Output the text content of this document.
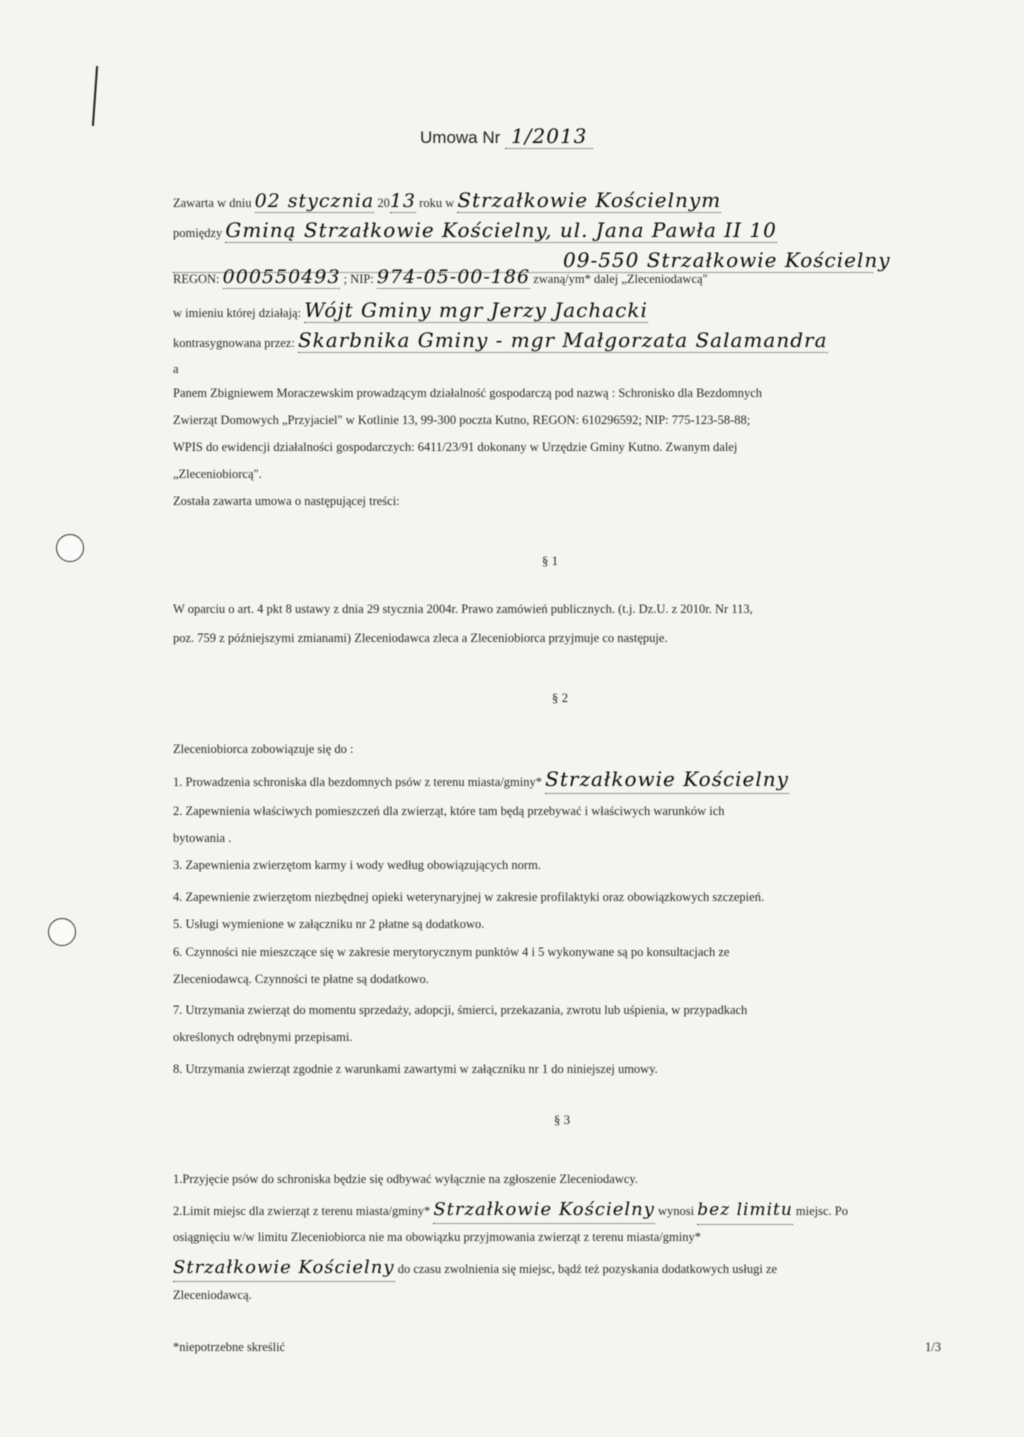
Umowa Nr 1/2013
Zawarta w dniu 02 stycznia 2013 roku w Strzałkowie Kościelnym
pomiędzy Gminą Strzałkowie Kościelny, ul. Jana Pawła II 10
09-550 Strzałkowie Kościelny
REGON: 000550493 ; NIP: 974-05-00-186 zwaną/ym* dalej „Zleceniodawcą"
w imieniu której działają: Wójt Gminy mgr Jerzy Jachacki
kontrasygnowana przez: Skarbnika Gminy - mgr Małgorzata Salamandra
a
Panem Zbigniewem Moraczewskim prowadzącym działalność gospodarczą pod nazwą : Schronisko dla Bezdomnych
Zwierząt Domowych „Przyjaciel" w Kotlinie 13, 99-300 poczta Kutno, REGON: 610296592; NIP: 775-123-58-88;
WPIS do ewidencji działalności gospodarczych: 6411/23/91 dokonany w Urzędzie Gminy Kutno. Zwanym dalej
„Zleceniobiorcą".
Została zawarta umowa o następującej treści:
§ 1
W oparciu o art. 4 pkt 8 ustawy z dnia 29 stycznia 2004r. Prawo zamówień publicznych. (t.j. Dz.U. z 2010r. Nr 113,
poz. 759 z późniejszymi zmianami) Zleceniodawca zleca a Zleceniobiorca przyjmuje co następuje.
§ 2
Zleceniobiorca zobowiązuje się do :
1. Prowadzenia schroniska dla bezdomnych psów z terenu miasta/gminy* Strzałkowie Kościelny
2. Zapewnienia właściwych pomieszczeń dla zwierząt, które tam będą przebywać i właściwych warunków ich
bytowania .
3. Zapewnienia zwierzętom karmy i wody według obowiązujących norm.
4. Zapewnienie zwierzętom niezbędnej opieki weterynaryjnej w zakresie profilaktyki oraz obowiązkowych szczepień.
5. Usługi wymienione w załączniku nr 2 płatne są dodatkowo.
6. Czynności nie mieszczące się w zakresie merytorycznym punktów 4 i 5 wykonywane są po konsultacjach ze
Zleceniodawcą. Czynności te płatne są dodatkowo.
7. Utrzymania zwierząt do momentu sprzedaży, adopcji, śmierci, przekazania, zwrotu lub uśpienia, w przypadkach
określonych odrębnymi przepisami.
8. Utrzymania zwierząt zgodnie z warunkami zawartymi w załączniku nr 1 do niniejszej umowy.
§ 3
1.Przyjęcie psów do schroniska będzie się odbywać wyłącznie na zgłoszenie Zleceniodawcy.
2.Limit miejsc dla zwierząt z terenu miasta/gminy* Strzałkowie Kościelny wynosi bez limitu miejsc. Po
osiągnięciu w/w limitu Zleceniobiorca nie ma obowiązku przyjmowania zwierząt z terenu miasta/gminy*
Strzałkowie Kościelny do czasu zwolnienia się miejsc, bądź też pozyskania dodatkowych usługi ze
Zleceniodawcą.
*niepotrzebne skreślić	1/3
